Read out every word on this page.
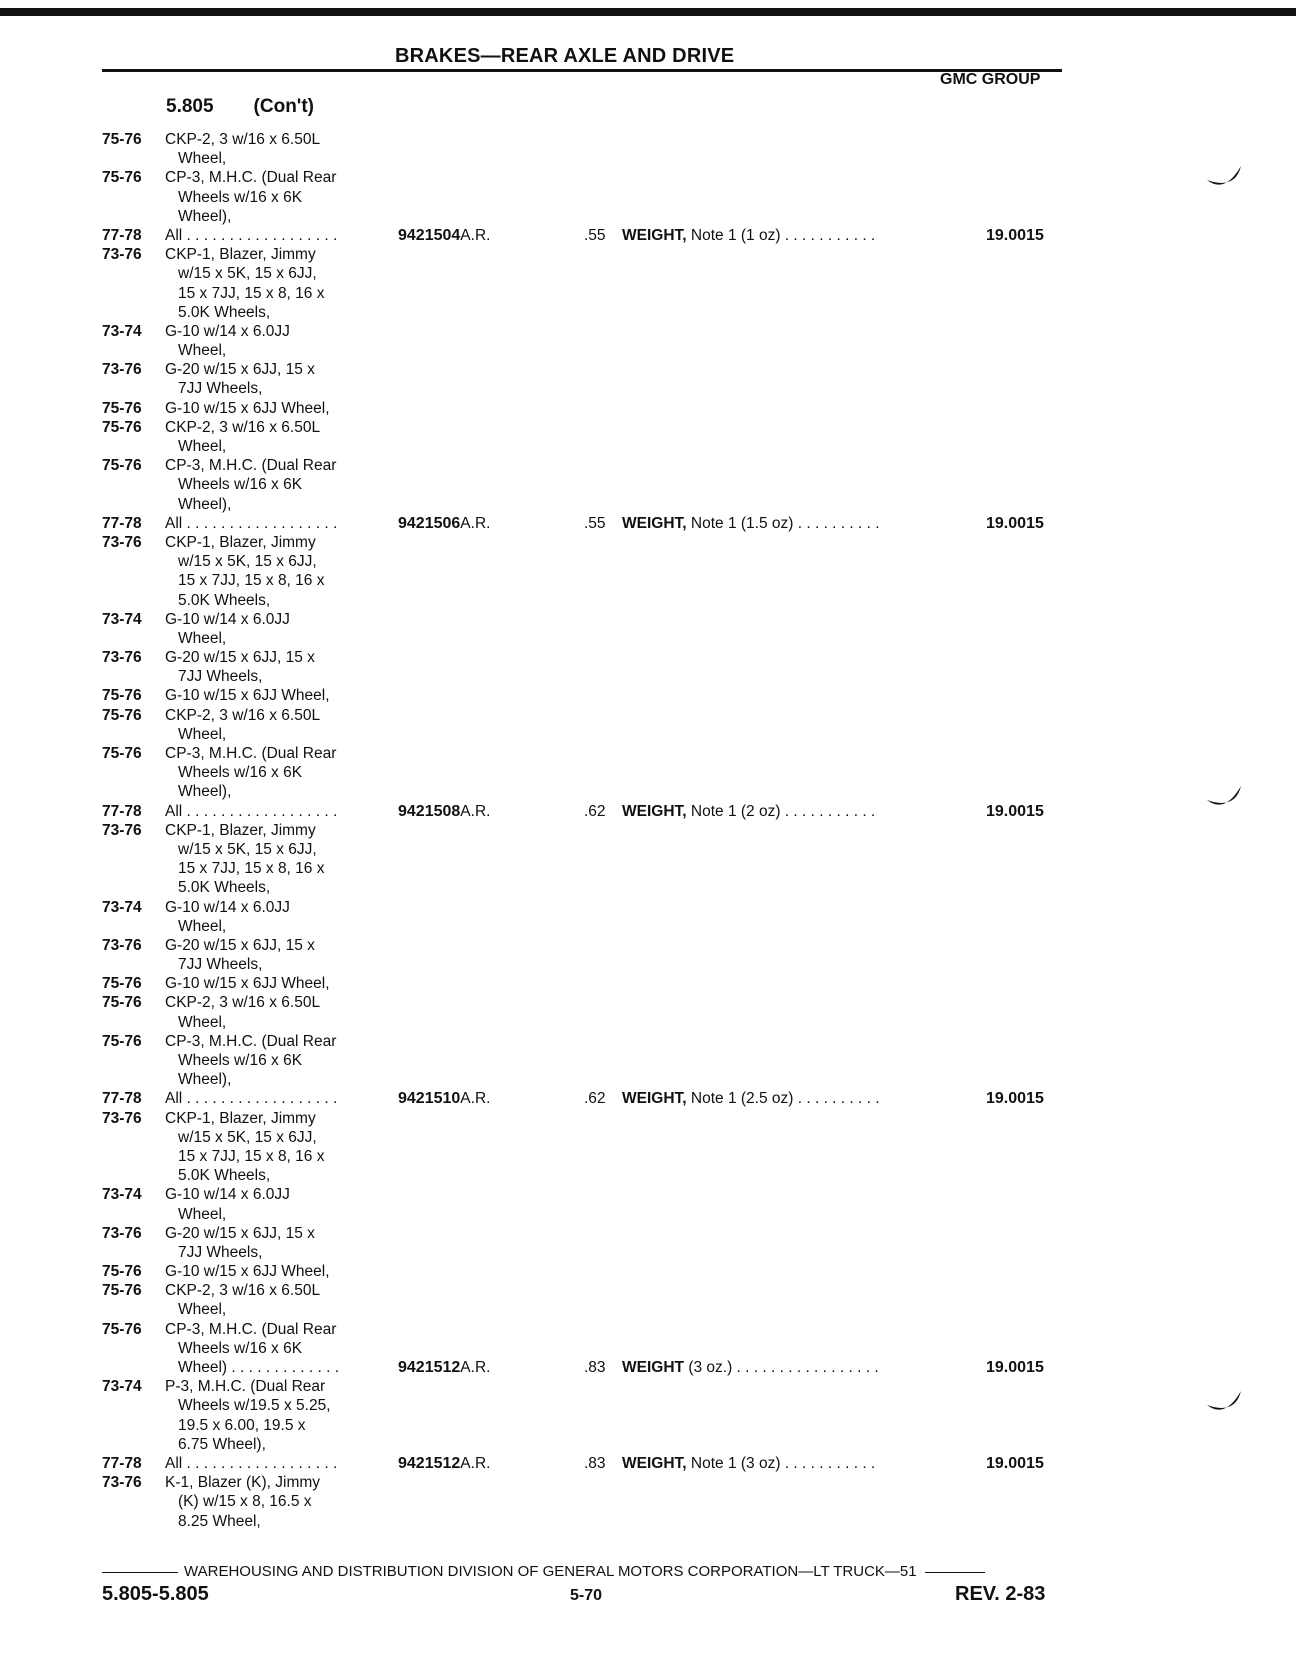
BRAKES—REAR AXLE AND DRIVE
GMC GROUP
5.805 (Con't)
75-76 CKP-2, 3 w/16 x 6.50L
Wheel,
75-76 CP-3, M.H.C. (Dual Rear
Wheels w/16 x 6K
Wheel),
77-78 All . . . . . . . . . . . . . . . . . .	9421504A.R.	.55 WEIGHT, Note 1 (1 oz) . . . . . . . . . . .	19.0015
73-76 CKP-1, Blazer, Jimmy
w/15 x 5K, 15 x 6JJ,
15 x 7JJ, 15 x 8, 16 x
5.0K Wheels,
73-74 G-10 w/14 x 6.0JJ
Wheel,
73-76 G-20 w/15 x 6JJ, 15 x
7JJ Wheels,
75-76 G-10 w/15 x 6JJ Wheel,
75-76 CKP-2, 3 w/16 x 6.50L
Wheel,
75-76 CP-3, M.H.C. (Dual Rear
Wheels w/16 x 6K
Wheel),
77-78 All . . . . . . . . . . . . . . . . . .	9421506A.R.	.55 WEIGHT, Note 1 (1.5 oz) . . . . . . . . . .	19.0015
73-76 CKP-1, Blazer, Jimmy
w/15 x 5K, 15 x 6JJ,
15 x 7JJ, 15 x 8, 16 x
5.0K Wheels,
73-74 G-10 w/14 x 6.0JJ
Wheel,
73-76 G-20 w/15 x 6JJ, 15 x
7JJ Wheels,
75-76 G-10 w/15 x 6JJ Wheel,
75-76 CKP-2, 3 w/16 x 6.50L
Wheel,
75-76 CP-3, M.H.C. (Dual Rear
Wheels w/16 x 6K
Wheel),
77-78 All . . . . . . . . . . . . . . . . . .	9421508A.R.	.62 WEIGHT, Note 1 (2 oz) . . . . . . . . . . .	19.0015
73-76 CKP-1, Blazer, Jimmy
w/15 x 5K, 15 x 6JJ,
15 x 7JJ, 15 x 8, 16 x
5.0K Wheels,
73-74 G-10 w/14 x 6.0JJ
Wheel,
73-76 G-20 w/15 x 6JJ, 15 x
7JJ Wheels,
75-76 G-10 w/15 x 6JJ Wheel,
75-76 CKP-2, 3 w/16 x 6.50L
Wheel,
75-76 CP-3, M.H.C. (Dual Rear
Wheels w/16 x 6K
Wheel),
77-78 All . . . . . . . . . . . . . . . . . .	9421510A.R.	.62 WEIGHT, Note 1 (2.5 oz) . . . . . . . . . .	19.0015
73-76 CKP-1, Blazer, Jimmy
w/15 x 5K, 15 x 6JJ,
15 x 7JJ, 15 x 8, 16 x
5.0K Wheels,
73-74 G-10 w/14 x 6.0JJ
Wheel,
73-76 G-20 w/15 x 6JJ, 15 x
7JJ Wheels,
75-76 G-10 w/15 x 6JJ Wheel,
75-76 CKP-2, 3 w/16 x 6.50L
Wheel,
75-76 CP-3, M.H.C. (Dual Rear
Wheels w/16 x 6K
Wheel) . . . . . . . . . . . . .	9421512A.R.	.83 WEIGHT (3 oz.) . . . . . . . . . . . . . . . . .	19.0015
73-74 P-3, M.H.C. (Dual Rear
Wheels w/19.5 x 5.25,
19.5 x 6.00, 19.5 x
6.75 Wheel),
77-78 All . . . . . . . . . . . . . . . . . .	9421512A.R.	.83 WEIGHT, Note 1 (3 oz) . . . . . . . . . . .	19.0015
73-76 K-1, Blazer (K), Jimmy
(K) w/15 x 8, 16.5 x
8.25 Wheel,
WAREHOUSING AND DISTRIBUTION DIVISION OF GENERAL MOTORS CORPORATION—LT TRUCK—51
5.805-5.805	5-70	REV. 2-83
